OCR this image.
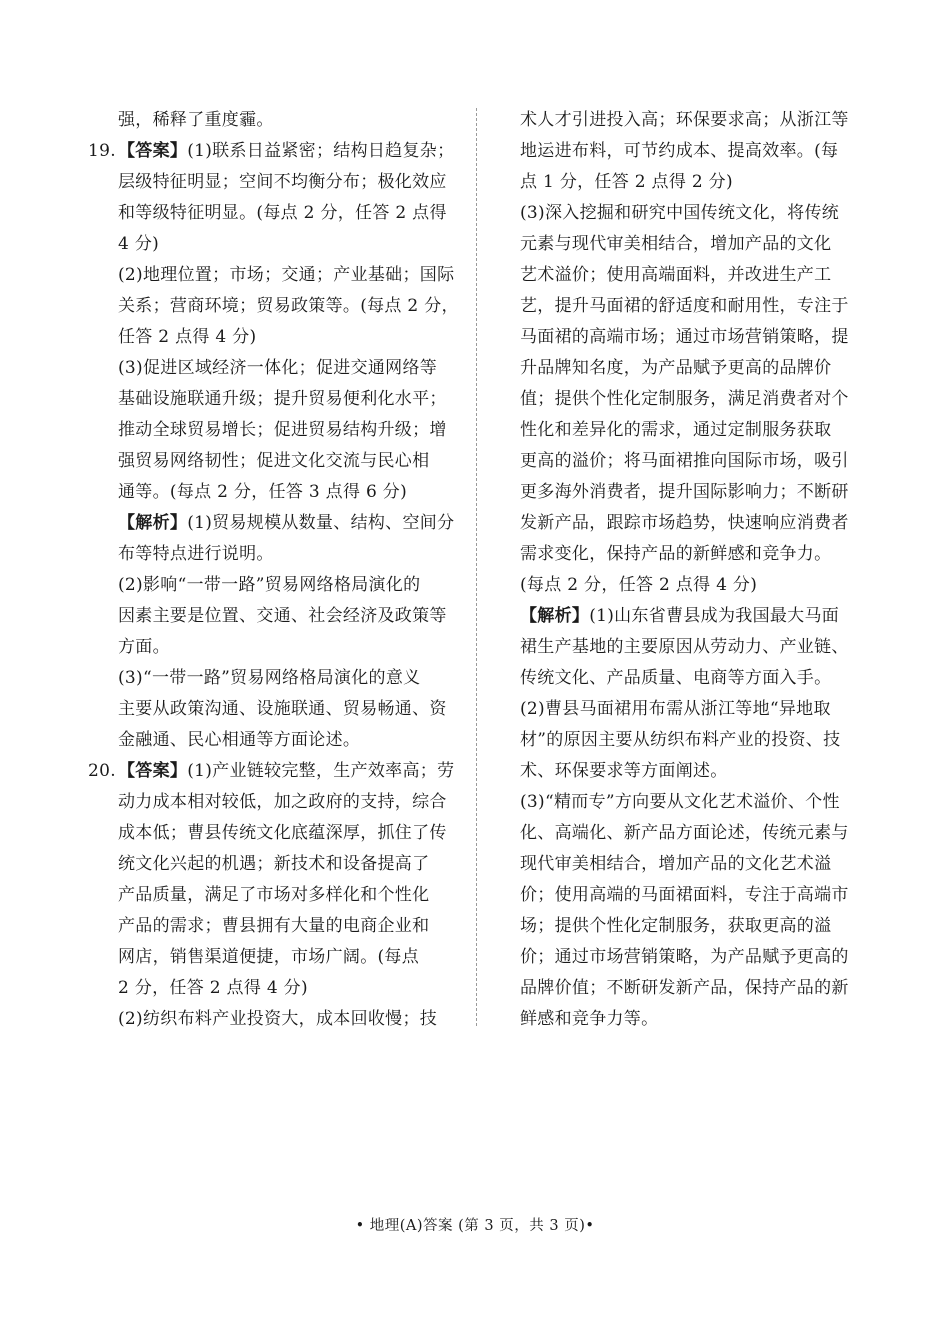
强，稀释了重度霾。
19. 【答案】(1)联系日益紧密；结构日趋复杂；
层级特征明显；空间不均衡分布；极化效应
和等级特征明显。(每点 2 分，任答 2 点得
4 分)
(2)地理位置；市场；交通；产业基础；国际
关系；营商环境；贸易政策等。(每点 2 分，
任答 2 点得 4 分)
(3)促进区域经济一体化；促进交通网络等
基础设施联通升级；提升贸易便利化水平；
推动全球贸易增长；促进贸易结构升级；增
强贸易网络韧性；促进文化交流与民心相
通等。(每点 2 分，任答 3 点得 6 分)
【解析】(1)贸易规模从数量、结构、空间分
布等特点进行说明。
(2)影响“一带一路”贸易网络格局演化的
因素主要是位置、交通、社会经济及政策等
方面。
(3)“一带一路”贸易网络格局演化的意义
主要从政策沟通、设施联通、贸易畅通、资
金融通、民心相通等方面论述。
20. 【答案】(1)产业链较完整，生产效率高；劳
动力成本相对较低，加之政府的支持，综合
成本低；曹县传统文化底蕴深厚，抓住了传
统文化兴起的机遇；新技术和设备提高了
产品质量，满足了市场对多样化和个性化
产品的需求；曹县拥有大量的电商企业和
网店，销售渠道便捷，市场广阔。(每点
2 分，任答 2 点得 4 分)
(2)纺织布料产业投资大，成本回收慢；技
术人才引进投入高；环保要求高；从浙江等
地运进布料，可节约成本、提高效率。(每
点 1 分，任答 2 点得 2 分)
(3)深入挖掘和研究中国传统文化，将传统
元素与现代审美相结合，增加产品的文化
艺术溢价；使用高端面料，并改进生产工
艺，提升马面裙的舒适度和耐用性，专注于
马面裙的高端市场；通过市场营销策略，提
升品牌知名度，为产品赋予更高的品牌价
值；提供个性化定制服务，满足消费者对个
性化和差异化的需求，通过定制服务获取
更高的溢价；将马面裙推向国际市场，吸引
更多海外消费者，提升国际影响力；不断研
发新产品，跟踪市场趋势，快速响应消费者
需求变化，保持产品的新鲜感和竞争力。
(每点 2 分，任答 2 点得 4 分)
【解析】(1)山东省曹县成为我国最大马面
裙生产基地的主要原因从劳动力、产业链、
传统文化、产品质量、电商等方面入手。
(2)曹县马面裙用布需从浙江等地“异地取
材”的原因主要从纺织布料产业的投资、技
术、环保要求等方面阐述。
(3)“精而专”方向要从文化艺术溢价、个性
化、高端化、新产品方面论述，传统元素与
现代审美相结合，增加产品的文化艺术溢
价；使用高端的马面裙面料，专注于高端市
场；提供个性化定制服务，获取更高的溢
价；通过市场营销策略，为产品赋予更高的
品牌价值；不断研发新产品，保持产品的新
鲜感和竞争力等。
• 地理(A)答案 (第 3 页，共 3 页)•
